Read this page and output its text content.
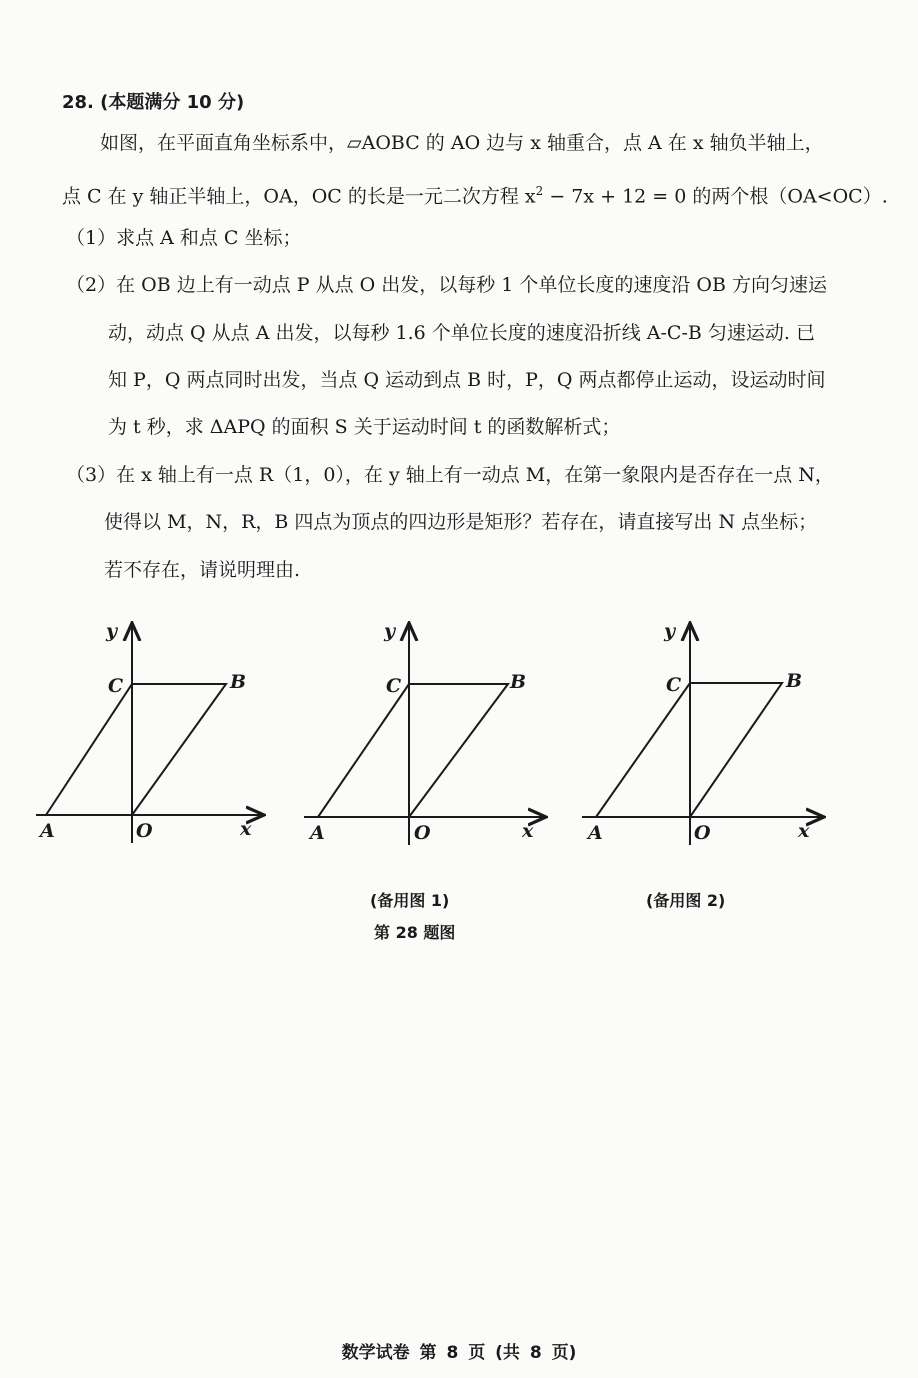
28. (本题满分 10 分)
如图，在平面直角坐标系中，▱AOBC 的 AO 边与 x 轴重合，点 A 在 x 轴负半轴上，
点 C 在 y 轴正半轴上，OA，OC 的长是一元二次方程 $x^2 - 7x + 12 = 0$ 的两个根（OA<OC）.
（1）求点 A 和点 C 坐标；
（2）在 OB 边上有一动点 P 从点 O 出发，以每秒 1 个单位长度的速度沿 OB 方向匀速运
动，动点 Q 从点 A 出发，以每秒 1.6 个单位长度的速度沿折线 A-C-B 匀速运动. 已
知 P，Q 两点同时出发，当点 Q 运动到点 B 时，P，Q 两点都停止运动，设运动时间
为 t 秒，求 ΔAPQ 的面积 S 关于运动时间 t 的函数解析式；
（3）在 x 轴上有一点 R（1，0），在 y 轴上有一动点 M，在第一象限内是否存在一点 N，
使得以 M，N，R，B 四点为顶点的四边形是矩形？若存在，请直接写出 N 点坐标；
若不存在，请说明理由.
y
C	B
A	O	x
y
C	B
A	O	x
y
C	B
A	O	x
(备用图 1)	(备用图 2)
第 28 题图
数学试卷 第 8 页 (共 8 页)
